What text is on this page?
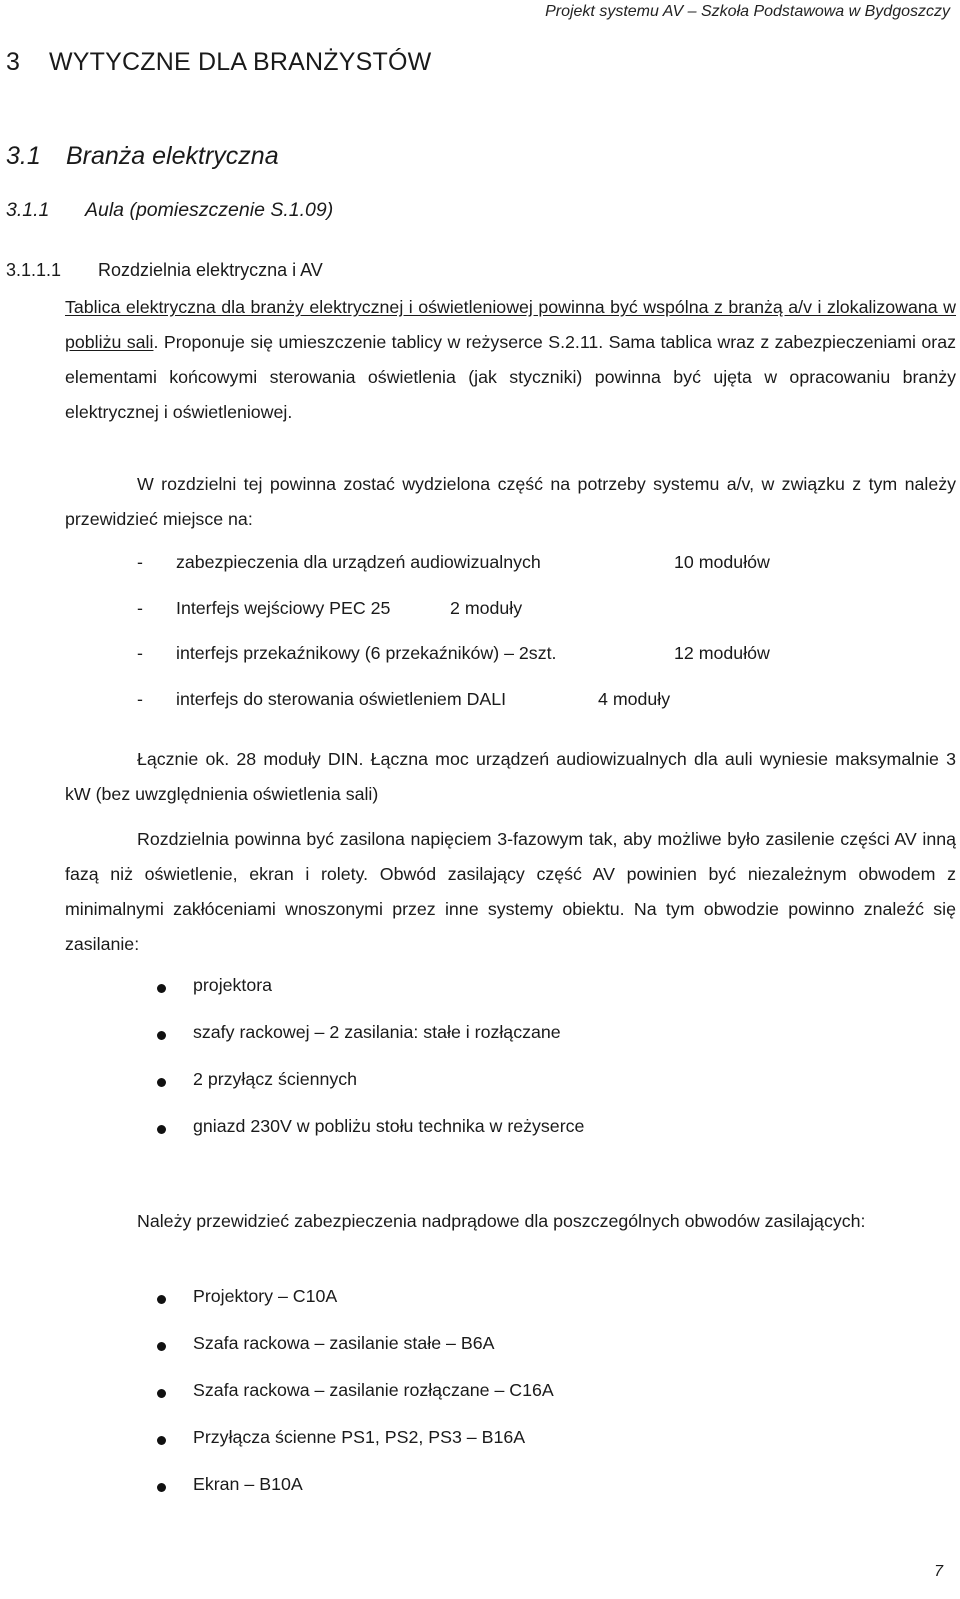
Projekt systemu AV – Szkoła Podstawowa w Bydgoszczy
3 WYTYCZNE DLA BRANŻYSTÓW
3.1 Branża elektryczna
3.1.1 Aula (pomieszczenie S.1.09)
3.1.1.1 Rozdzielnia elektryczna i AV
Tablica elektryczna dla branży elektrycznej i oświetleniowej powinna być wspólna z branżą a/v i zlokalizowana w pobliżu sali. Proponuje się umieszczenie tablicy w reżyserce S.2.11. Sama tablica wraz z zabezpieczeniami oraz elementami końcowymi sterowania oświetlenia (jak styczniki) powinna być ujęta w opracowaniu branży elektrycznej i oświetleniowej.
W rozdzielni tej powinna zostać wydzielona część na potrzeby systemu a/v, w związku z tym należy przewidzieć miejsce na:
- zabezpieczenia dla urządzeń audiowizualnych	10 modułów
- Interfejs wejściowy PEC 25	2 moduły
- interfejs przekaźnikowy (6 przekaźników) – 2szt.	12 modułów
- interfejs do sterowania oświetleniem DALI	4 moduły
Łącznie ok. 28 moduły DIN. Łączna moc urządzeń audiowizualnych dla auli wyniesie maksymalnie 3 kW (bez uwzględnienia oświetlenia sali)
Rozdzielnia powinna być zasilona napięciem 3-fazowym tak, aby możliwe było zasilenie części AV inną fazą niż oświetlenie, ekran i rolety. Obwód zasilający część AV powinien być niezależnym obwodem z minimalnymi zakłóceniami wnoszonymi przez inne systemy obiektu. Na tym obwodzie powinno znaleźć się zasilanie:
projektora
szafy rackowej – 2 zasilania: stałe i rozłączane
2 przyłącz ściennych
gniazd 230V w pobliżu stołu technika w reżyserce
Należy przewidzieć zabezpieczenia nadprądowe dla poszczególnych obwodów zasilających:
Projektory – C10A
Szafa rackowa – zasilanie stałe – B6A
Szafa rackowa – zasilanie rozłączane – C16A
Przyłącza ścienne PS1, PS2, PS3 – B16A
Ekran – B10A
7
